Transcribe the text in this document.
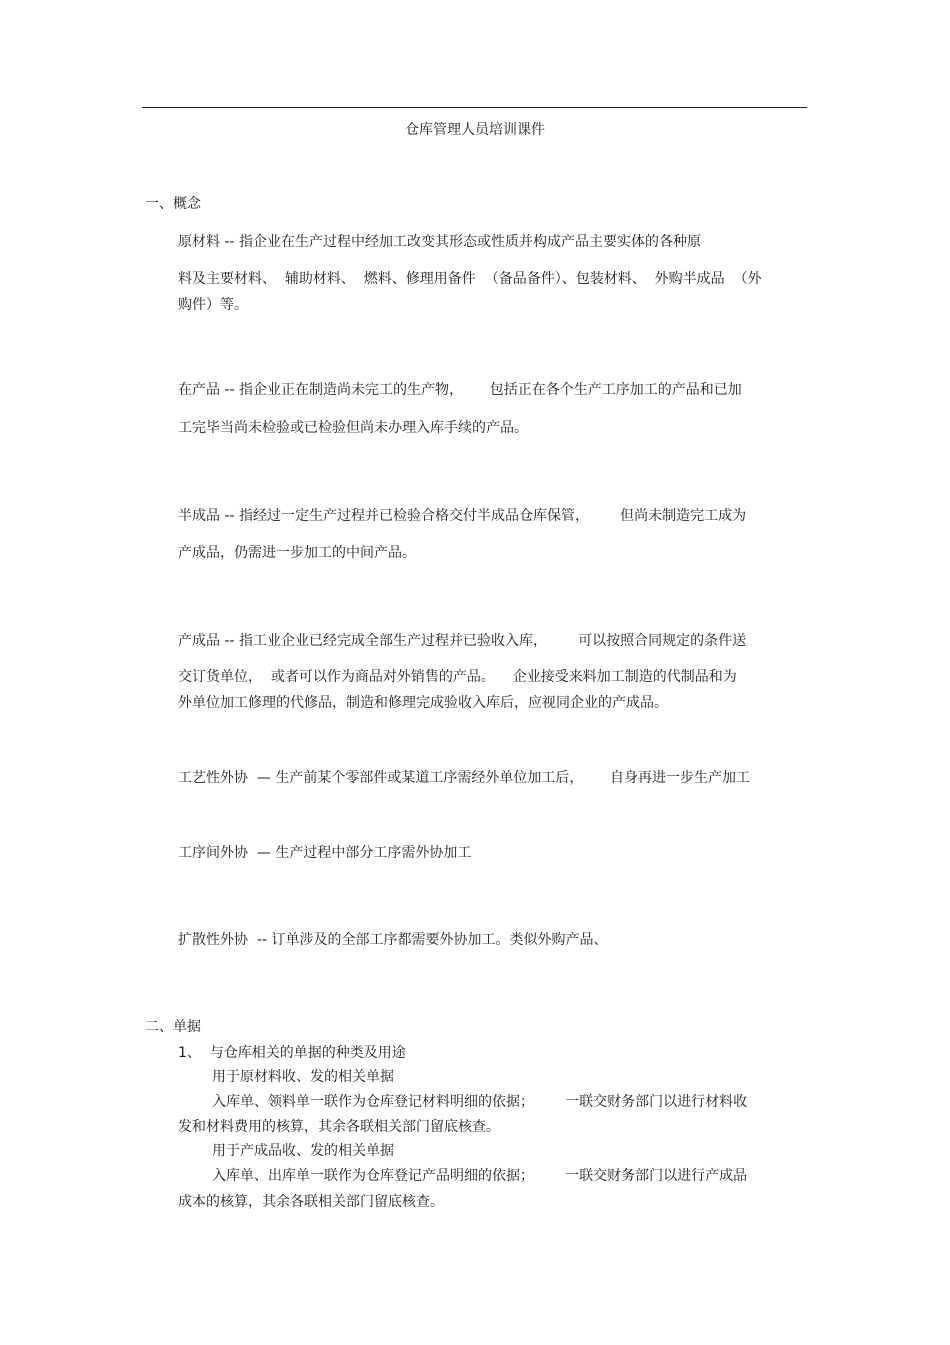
仓库管理人员培训课件
一、概念
原材料 -- 指企业在生产过程中经加工改变其形态或性质并构成产品主要实体的各种原
料及主要材料、  辅助材料、  燃料、修理用备件  （备品备件）、包装材料、  外购半成品  （外
购件）等。
在产品 -- 指企业正在制造尚未完工的生产物，      包括正在各个生产工序加工的产品和已加
工完毕当尚未检验或已检验但尚未办理入库手续的产品。
半成品 -- 指经过一定生产过程并已检验合格交付半成品仓库保管，       但尚未制造完工成为
产成品，仍需进一步加工的中间产品。
产成品 -- 指工业企业已经完成全部生产过程并已验收入库，       可以按照合同规定的条件送
交订货单位，  或者可以作为商品对外销售的产品。    企业接受来料加工制造的代制品和为
外单位加工修理的代修品，制造和修理完成验收入库后，应视同企业的产成品。
工艺性外协  — 生产前某个零部件或某道工序需经外单位加工后，      自身再进一步生产加工
工序间外协  — 生产过程中部分工序需外协加工
扩散性外协  -- 订单涉及的全部工序都需要外协加工。类似外购产品、
二、单据
1、  与仓库相关的单据的种类及用途
用于原材料收、发的相关单据
入库单、领料单一联作为仓库登记材料明细的依据；       一联交财务部门以进行材料收
发和材料费用的核算，其余各联相关部门留底核查。
用于产成品收、发的相关单据
入库单、出库单一联作为仓库登记产品明细的依据；       一联交财务部门以进行产成品
成本的核算，其余各联相关部门留底核查。
